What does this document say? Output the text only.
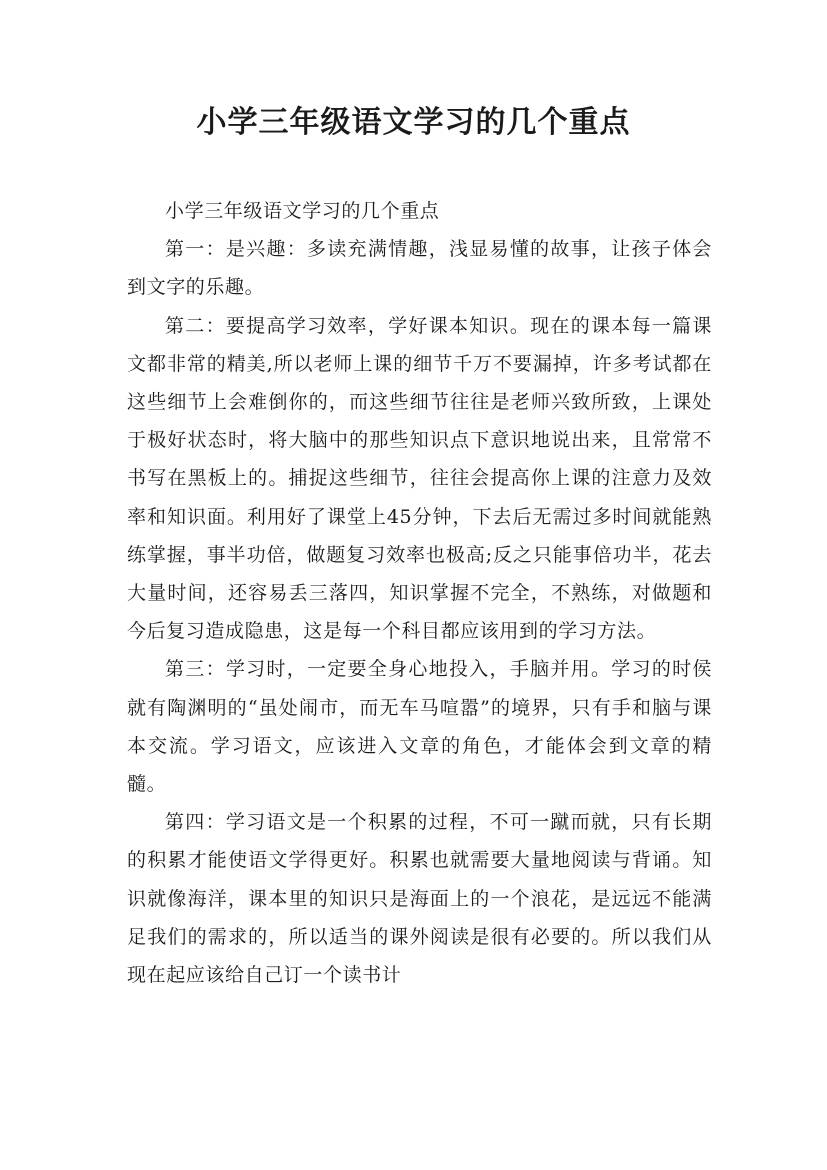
小学三年级语文学习的几个重点

小学三年级语文学习的几个重点

第一：是兴趣：多读充满情趣，浅显易懂的故事，让孩子体会到文字的乐趣。

第二：要提高学习效率，学好课本知识。现在的课本每一篇课文都非常的精美,所以老师上课的细节千万不要漏掉，许多考试都在这些细节上会难倒你的，而这些细节往往是老师兴致所致，上课处于极好状态时，将大脑中的那些知识点下意识地说出来，且常常不书写在黑板上的。捕捉这些细节，往往会提高你上课的注意力及效率和知识面。利用好了课堂上45分钟，下去后无需过多时间就能熟练掌握，事半功倍，做题复习效率也极高;反之只能事倍功半，花去大量时间，还容易丢三落四，知识掌握不完全，不熟练，对做题和今后复习造成隐患，这是每一个科目都应该用到的学习方法。

第三：学习时，一定要全身心地投入，手脑并用。学习的时侯就有陶渊明的“虽处闹市，而无车马喧嚣”的境界，只有手和脑与课本交流。学习语文，应该进入文章的角色，才能体会到文章的精髓。

第四：学习语文是一个积累的过程，不可一蹴而就，只有长期的积累才能使语文学得更好。积累也就需要大量地阅读与背诵。知识就像海洋，课本里的知识只是海面上的一个浪花，是远远不能满足我们的需求的，所以适当的课外阅读是很有必要的。所以我们从现在起应该给自己订一个读书计
